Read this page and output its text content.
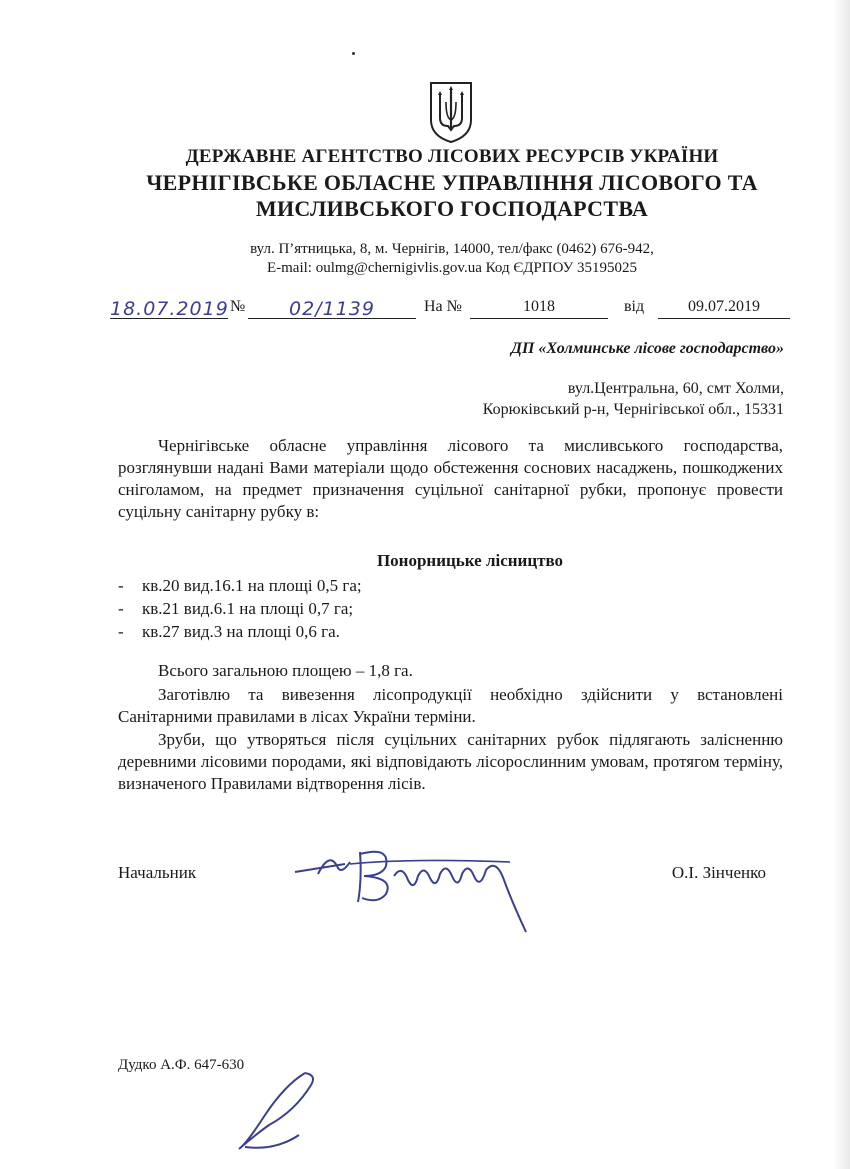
ДЕРЖАВНЕ АГЕНТСТВО ЛІСОВИХ РЕСУРСІВ УКРАЇНИ
ЧЕРНІГІВСЬКЕ ОБЛАСНЕ УПРАВЛІННЯ ЛІСОВОГО ТА
МИСЛИВСЬКОГО ГОСПОДАРСТВА
вул. П’ятницька, 8, м. Чернігів, 14000, тел/факс (0462) 676-942,
E-mail: oulmg@chernigivlis.gov.ua Код ЄДРПОУ 35195025
18.07.2019 №	02/1139	На №	1018	від	09.07.2019
ДП «Холминське лісове господарство»
вул.Центральна, 60, смт Холми,
Корюківський р-н, Чернігівської обл., 15331
Чернігівське обласне управління лісового та мисливського господарства, розглянувши надані Вами матеріали щодо обстеження соснових насаджень, пошкоджених сніголамом, на предмет призначення суцільної санітарної рубки, пропонує провести суцільну санітарну рубку в:
Понорницьке лісництво
- кв.20 вид.16.1 на площі 0,5 га;
- кв.21 вид.6.1 на площі 0,7 га;
- кв.27 вид.3 на площі 0,6 га.
Всього загальною площею – 1,8 га.
Заготівлю та вивезення лісопродукції необхідно здійснити у встановлені Санітарними правилами в лісах України терміни.
Зруби, що утворяться після суцільних санітарних рубок підлягають залісненню деревними лісовими породами, які відповідають лісорослинним умовам, протягом терміну, визначеного Правилами відтворення лісів.
Начальник	О.І. Зінченко
Дудко А.Ф. 647-630
